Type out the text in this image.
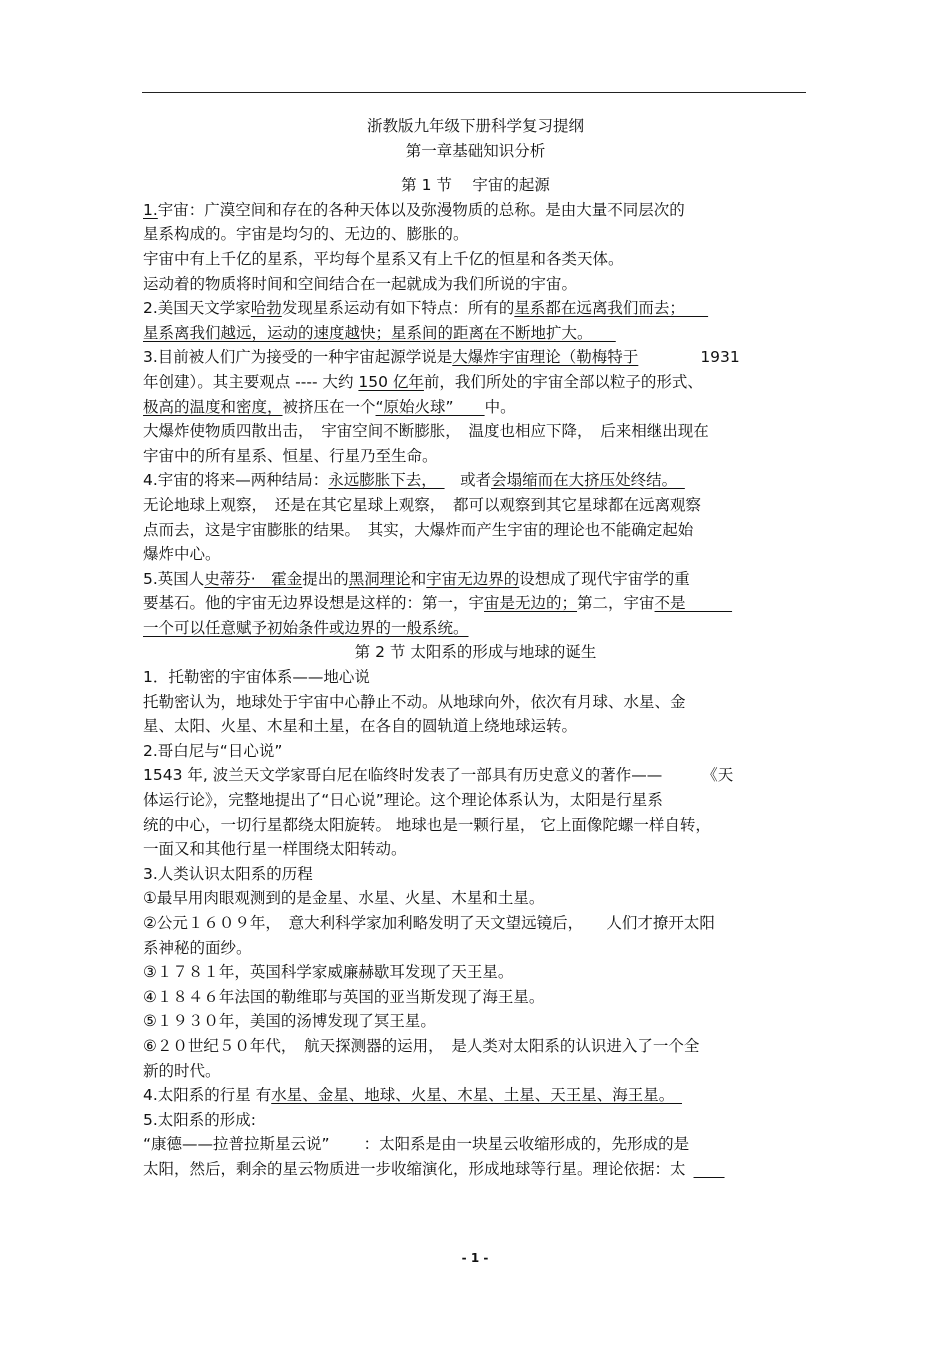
浙教版九年级下册科学复习提纲
第一章基础知识分析
第 1 节　 宇宙的起源
1.宇宙：广漠空间和存在的各种天体以及弥漫物质的总称。是由大量不同层次的
星系构成的。宇宙是均匀的、无边的、膨胀的。
宇宙中有上千亿的星系，平均每个星系又有上千亿的恒星和各类天体。
运动着的物质将时间和空间结合在一起就成为我们所说的宇宙。
2.美国天文学家哈勃发现星系运动有如下特点：所有的星系都在远离我们而去；　　
星系离我们越远，运动的速度越快；星系间的距离在不断地扩大。　　
3.目前被人们广为接受的一种宇宙起源学说是大爆炸宇宙理论（勒梅特于	1931
年创建）。其主要观点 ---- 大约 150 亿年前，我们所处的宇宙全部以粒子的形式、
极高的温度和密度，被挤压在一个“原始火球”　　中。
大爆炸使物质四散出击，　宇宙空间不断膨胀，　温度也相应下降，　后来相继出现在
宇宙中的所有星系、恒星、行星乃至生命。
4.宇宙的将来—两种结局：永远膨胀下去，　　或者会塌缩而在大挤压处终结。　
无论地球上观察，　还是在其它星球上观察，　都可以观察到其它星球都在远离观察
点而去，这是宇宙膨胀的结果。　其实，大爆炸而产生宇宙的理论也不能确定起始
爆炸中心。
5.英国人史蒂芬·　霍金提出的黑洞理论和宇宙无边界的设想成了现代宇宙学的重
要基石。他的宇宙无边界设想是这样的：第一，宇宙是无边的；第二，宇宙不是　　　
一个可以任意赋予初始条件或边界的一般系统。
第 2 节 太阳系的形成与地球的诞生
1．托勒密的宇宙体系——地心说
托勒密认为，地球处于宇宙中心静止不动。从地球向外，依次有月球、水星、金
星、太阳、火星、木星和土星，在各自的圆轨道上绕地球运转。
2.哥白尼与“日心说”
1543 年, 波兰天文学家哥白尼在临终时发表了一部具有历史意义的著作——	《天
体运行论》，完整地提出了“日心说”理论。这个理论体系认为，太阳是行星系
统的中心，一切行星都绕太阳旋转。 地球也是一颗行星， 它上面像陀螺一样自转，
一面又和其他行星一样围绕太阳转动。
3.人类认识太阳系的历程
①最早用肉眼观测到的是金星、水星、火星、木星和土星。
②公元１６０９年，　意大利科学家加利略发明了天文望远镜后，　　人们才撩开太阳
系神秘的面纱。
③１７８１年，英国科学家威廉赫歇耳发现了天王星。
④１８４６年法国的勒维耶与英国的亚当斯发现了海王星。
⑤１９３０年，美国的汤博发现了冥王星。
⑥２０世纪５０年代，　航天探测器的运用，　是人类对太阳系的认识进入了一个全
新的时代。
4.太阳系的行星 有水星、金星、地球、火星、木星、土星、天王星、海王星。　
5.太阳系的形成:
“康德——拉普拉斯星云说” ：太阳系是由一块星云收缩形成的，先形成的是
太阳，然后，剩余的星云物质进一步收缩演化，形成地球等行星。理论依据：太　　
- 1 -
